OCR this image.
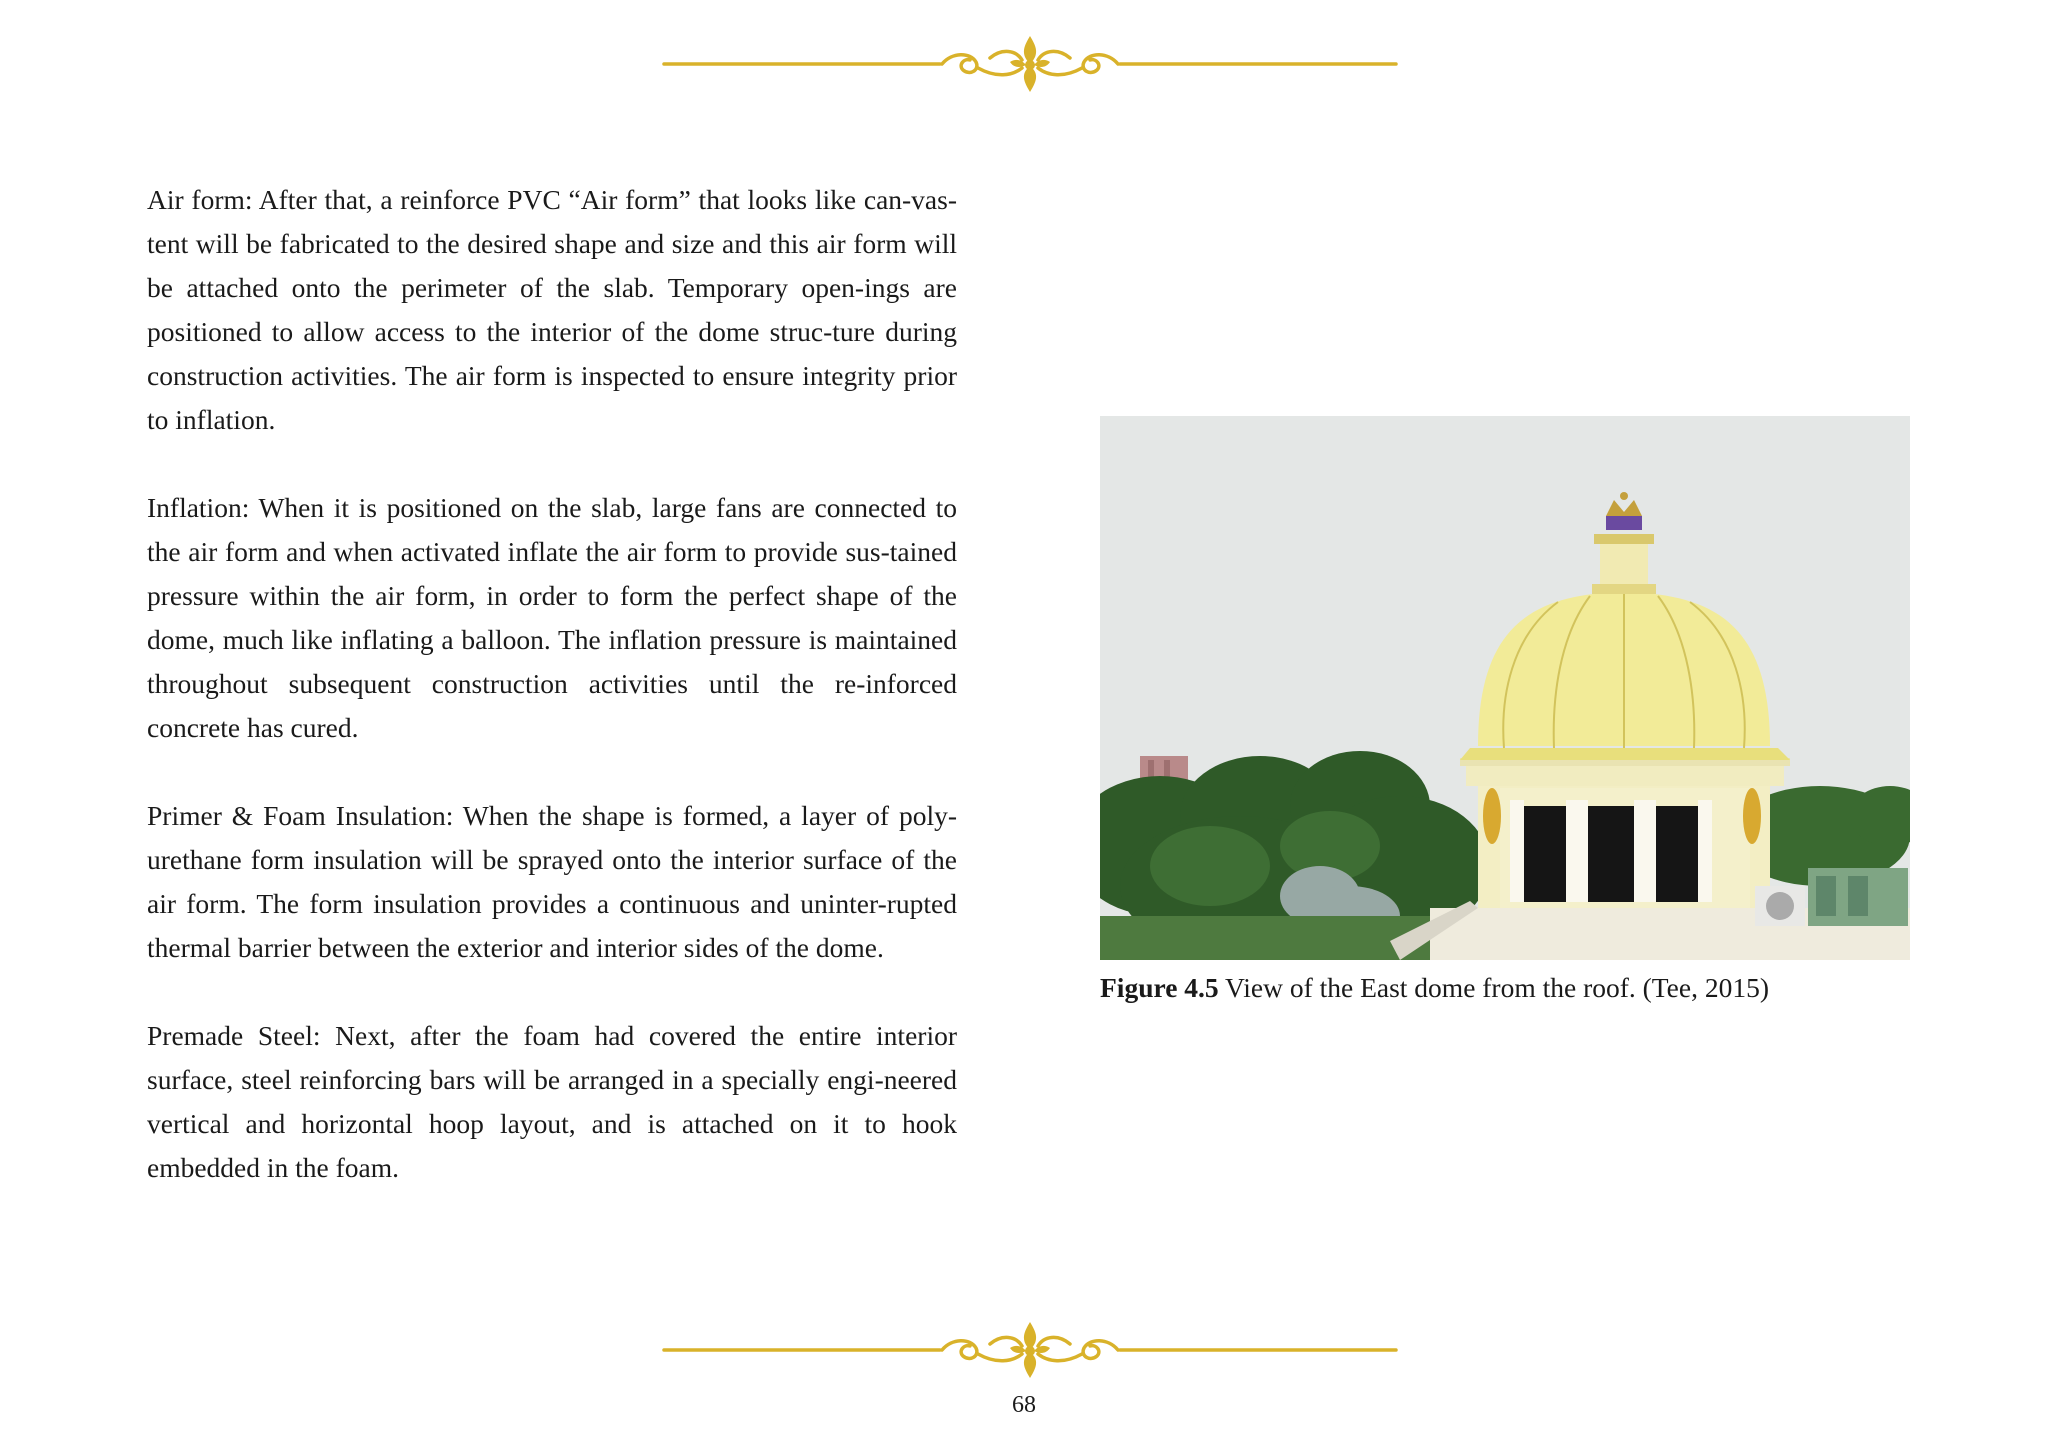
Air form: After that, a reinforce PVC “Air form” that looks like can-vas-tent will be fabricated to the desired shape and size and this air form will be attached onto the perimeter of the slab. Temporary open-ings are positioned to allow access to the interior of the dome struc-ture during construction activities. The air form is inspected to ensure integrity prior to inflation.

Inflation: When it is positioned on the slab, large fans are connected to the air form and when activated inflate the air form to provide sus-tained pressure within the air form, in order to form the perfect shape of the dome, much like inflating a balloon. The inflation pressure is maintained throughout subsequent construction activities until the re-inforced concrete has cured.

Primer & Foam Insulation: When the shape is formed, a layer of poly-urethane form insulation will be sprayed onto the interior surface of the air form. The form insulation provides a continuous and uninter-rupted thermal barrier between the exterior and interior sides of the dome.

Premade Steel: Next, after the foam had covered the entire interior surface, steel reinforcing bars will be arranged in a specially engi-neered vertical and horizontal hoop layout, and is attached on it to hook embedded in the foam.

Figure 4.5 View of the East dome from the roof. (Tee, 2015)
68
